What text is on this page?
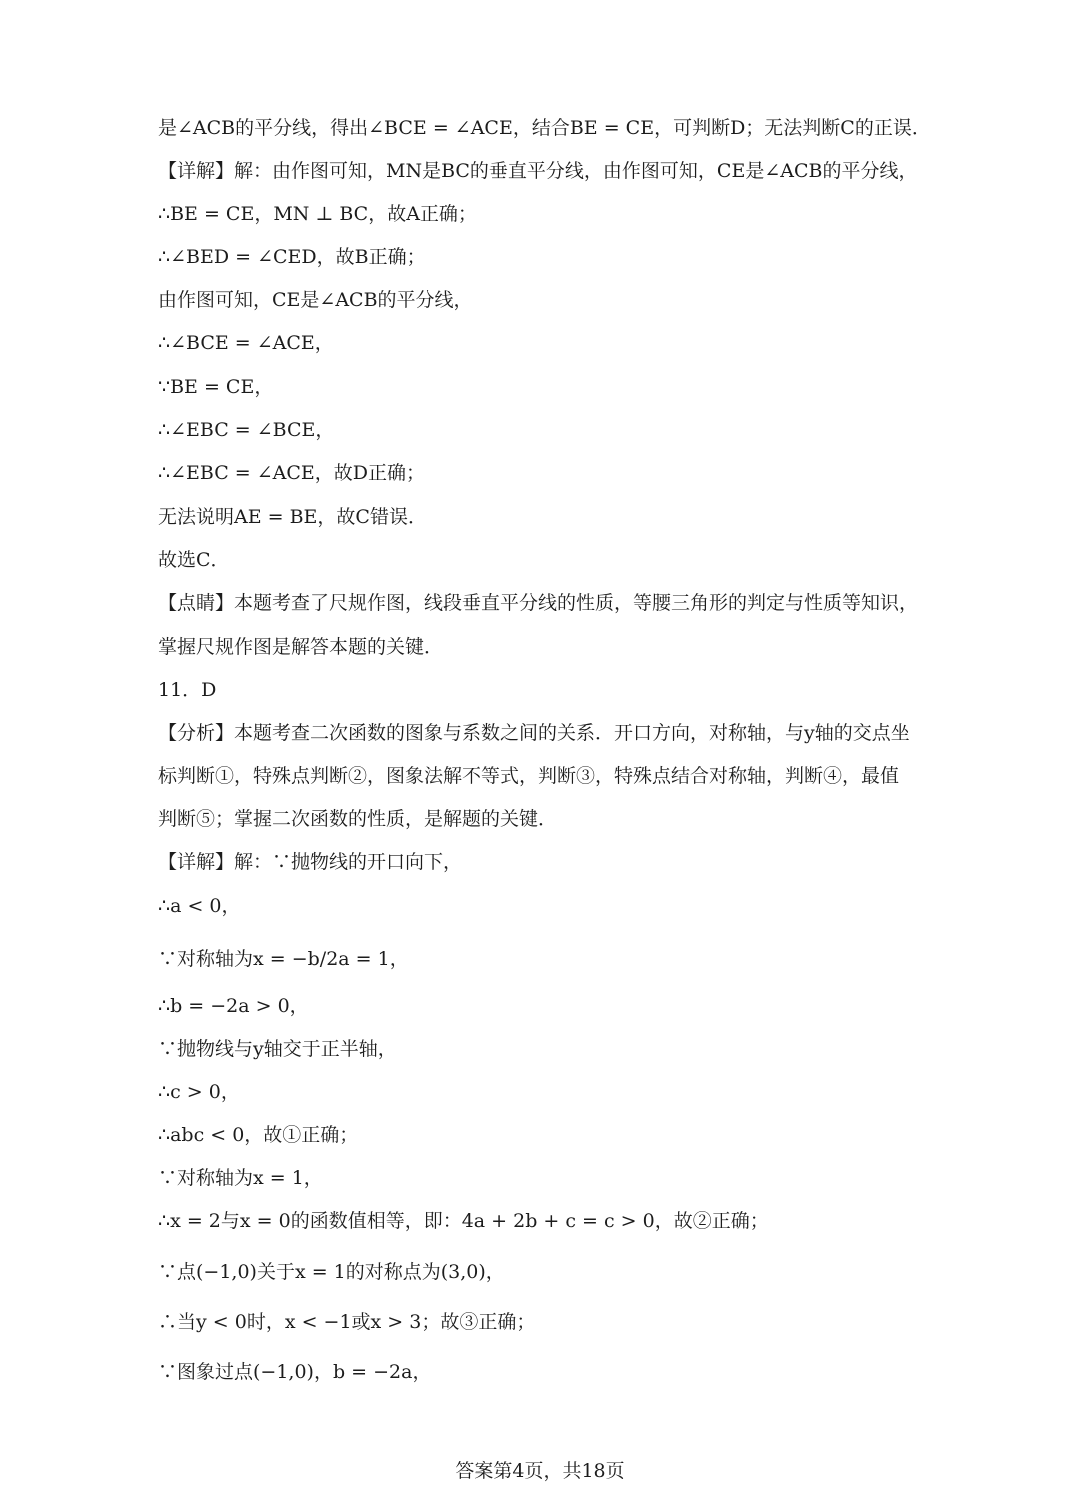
是∠ACB的平分线，得出∠BCE = ∠ACE，结合BE = CE，可判断D；无法判断C的正误．
【详解】解：由作图可知，MN是BC的垂直平分线，由作图可知，CE是∠ACB的平分线，
∴BE = CE，MN ⊥ BC，故A正确；
∴∠BED = ∠CED，故B正确；
由作图可知，CE是∠ACB的平分线，
∴∠BCE = ∠ACE，
∵BE = CE，
∴∠EBC = ∠BCE，
∴∠EBC = ∠ACE，故D正确；
无法说明AE = BE，故C错误．
故选C．
【点睛】本题考查了尺规作图，线段垂直平分线的性质，等腰三角形的判定与性质等知识，
掌握尺规作图是解答本题的关键．
11．D
【分析】本题考查二次函数的图象与系数之间的关系．开口方向，对称轴，与y轴的交点坐
标判断①，特殊点判断②，图象法解不等式，判断③，特殊点结合对称轴，判断④，最值
判断⑤；掌握二次函数的性质，是解题的关键．
【详解】解：∵抛物线的开口向下，
∴a < 0，
∵对称轴为x = −b/2a = 1，
∴b = −2a > 0，
∵抛物线与y轴交于正半轴，
∴c > 0，
∴abc < 0，故①正确；
∵对称轴为x = 1，
∴x = 2与x = 0的函数值相等，即：4a + 2b + c = c > 0，故②正确；
∵点(−1,0)关于x = 1的对称点为(3,0)，
∴当y < 0时，x < −1或x > 3；故③正确；
∵图象过点(−1,0)，b = −2a，
答案第4页，共18页
